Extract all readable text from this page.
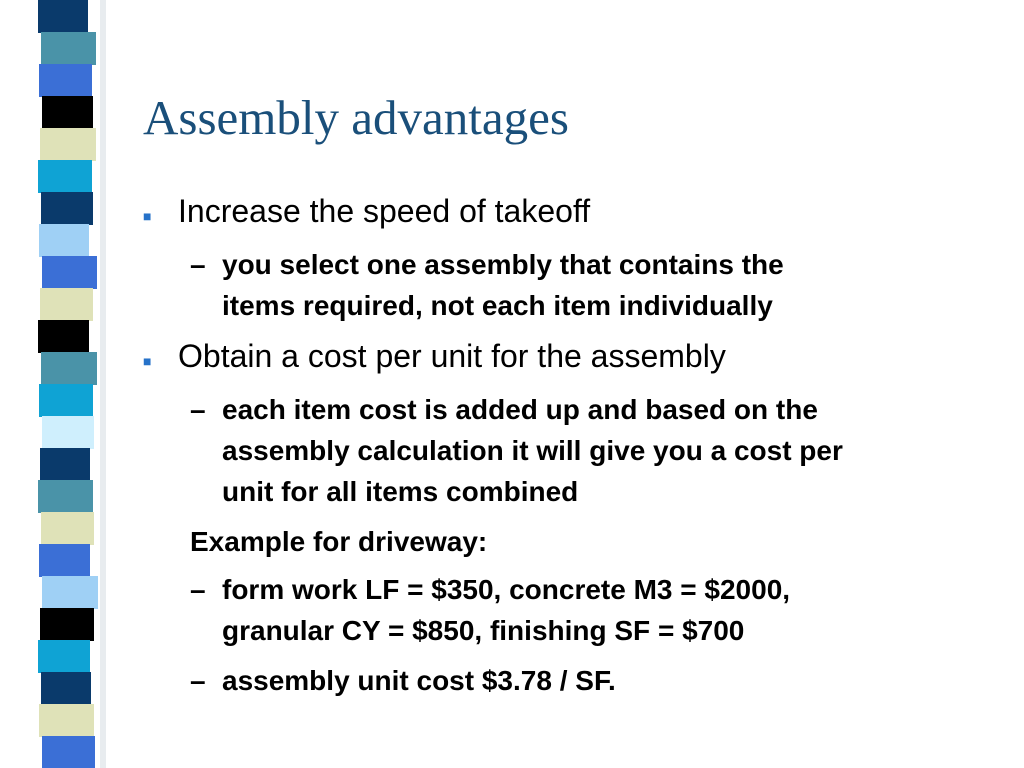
Assembly advantages
■ Increase the speed of takeoff
– you select one assembly that contains the
items required, not each item individually
■ Obtain a cost per unit for the assembly
– each item cost is added up and based on the
assembly calculation it will give you a cost per
unit for all items combined
Example for driveway:
– form work LF = $350, concrete M3 = $2000,
granular CY = $850, finishing SF = $700
– assembly unit cost $3.78 / SF.
